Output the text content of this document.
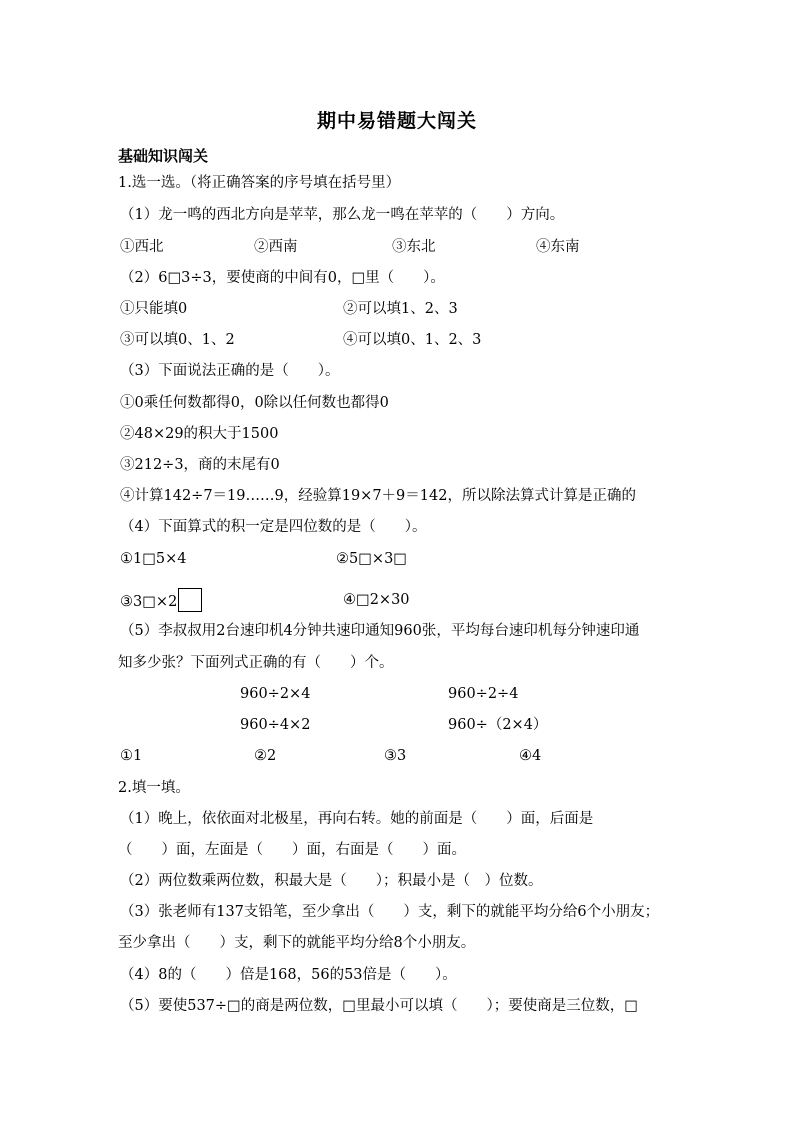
期中易错题大闯关
基础知识闯关
1.选一选。（将正确答案的序号填在括号里）
（1）龙一鸣的西北方向是苹苹，那么龙一鸣在苹苹的（　　）方向。
①西北	②西南	③东北	④东南
（2）6□3÷3，要使商的中间有0，□里（　　）。
①只能填0	②可以填1、2、3
③可以填0、1、2	④可以填0、1、2、3
（3）下面说法正确的是（　　）。
①0乘任何数都得0，0除以任何数也都得0
②48×29的积大于1500
③212÷3，商的末尾有0
④计算142÷7＝19……9，经验算19×7＋9＝142，所以除法算式计算是正确的
（4）下面算式的积一定是四位数的是（　　）。
①1□5×4	②5□×3□
③3□×2	④□2×30
（5）李叔叔用2台速印机4分钟共速印通知960张，平均每台速印机每分钟速印通
知多少张？下面列式正确的有（　　）个。
960÷2×4	960÷2÷4
960÷4×2	960÷（2×4）
①1	②2	③3	④4
2.填一填。
（1）晚上，依依面对北极星，再向右转。她的前面是（　　）面，后面是
（　　）面，左面是（　　）面，右面是（　　）面。
（2）两位数乘两位数，积最大是（　　）；积最小是（　）位数。
（3）张老师有137支铅笔，至少拿出（　　）支，剩下的就能平均分给6个小朋友；
至少拿出（　　）支，剩下的就能平均分给8个小朋友。
（4）8的（　　）倍是168，56的53倍是（　　）。
（5）要使537÷□的商是两位数，□里最小可以填（　　）；要使商是三位数，□
